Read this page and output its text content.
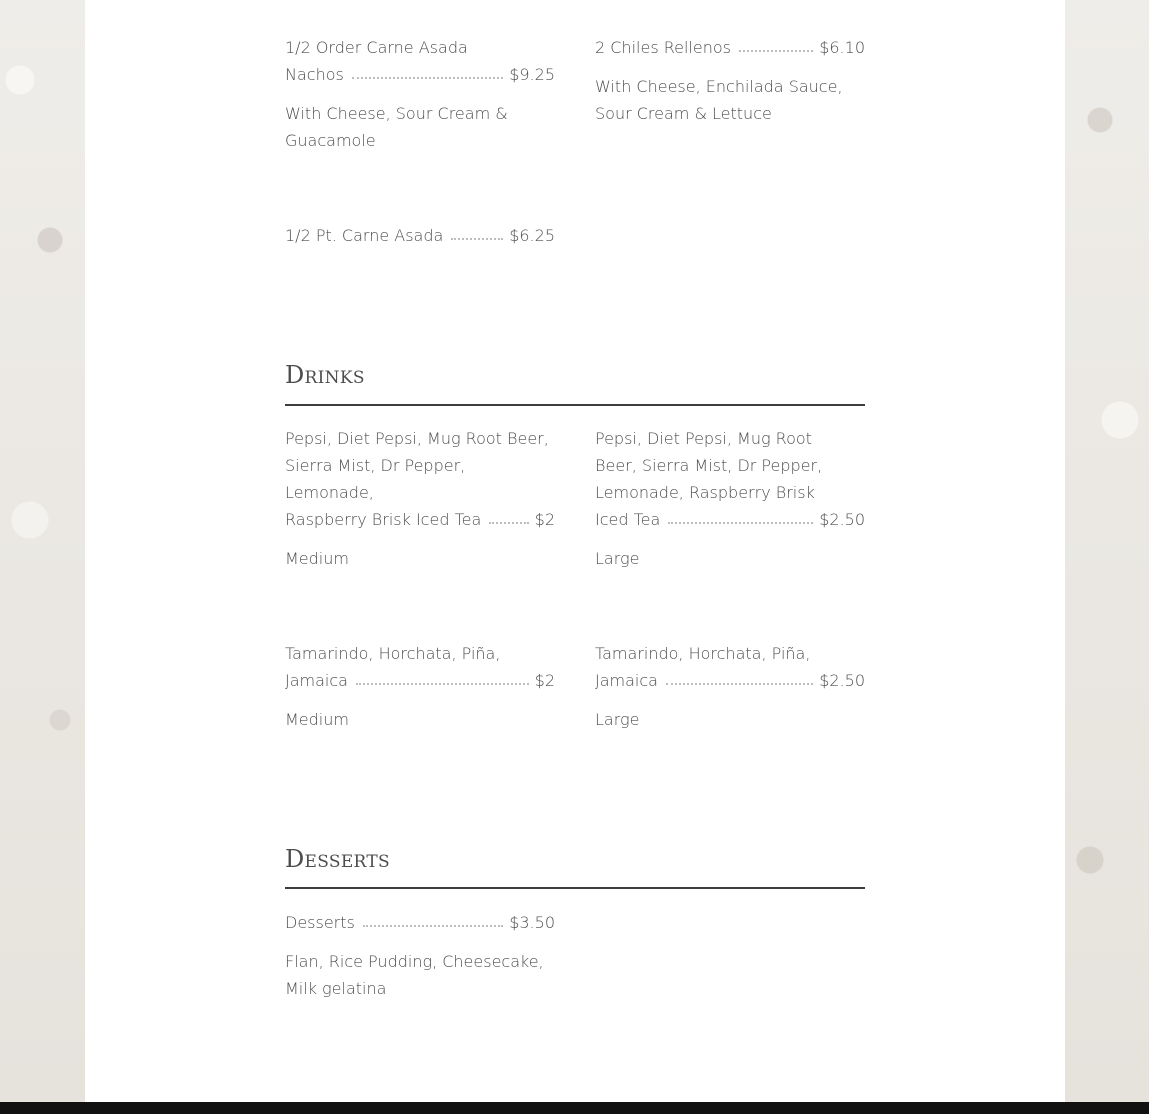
1/2 Order Carne Asada
Nachos	$9.25
With Cheese, Sour Cream & Guacamole
2 Chiles Rellenos	$6.10
With Cheese, Enchilada Sauce, Sour Cream & Lettuce
1/2 Pt. Carne Asada	$6.25
Drinks
Pepsi, Diet Pepsi, Mug Root Beer,
Sierra Mist, Dr Pepper, Lemonade,
Raspberry Brisk Iced Tea	$2
Medium
Pepsi, Diet Pepsi, Mug Root
Beer, Sierra Mist, Dr Pepper,
Lemonade, Raspberry Brisk
Iced Tea	$2.50
Large
Tamarindo, Horchata, Piña,
Jamaica	$2
Medium
Tamarindo, Horchata, Piña,
Jamaica	$2.50
Large
Desserts
Desserts	$3.50
Flan, Rice Pudding, Cheesecake, Milk gelatina
